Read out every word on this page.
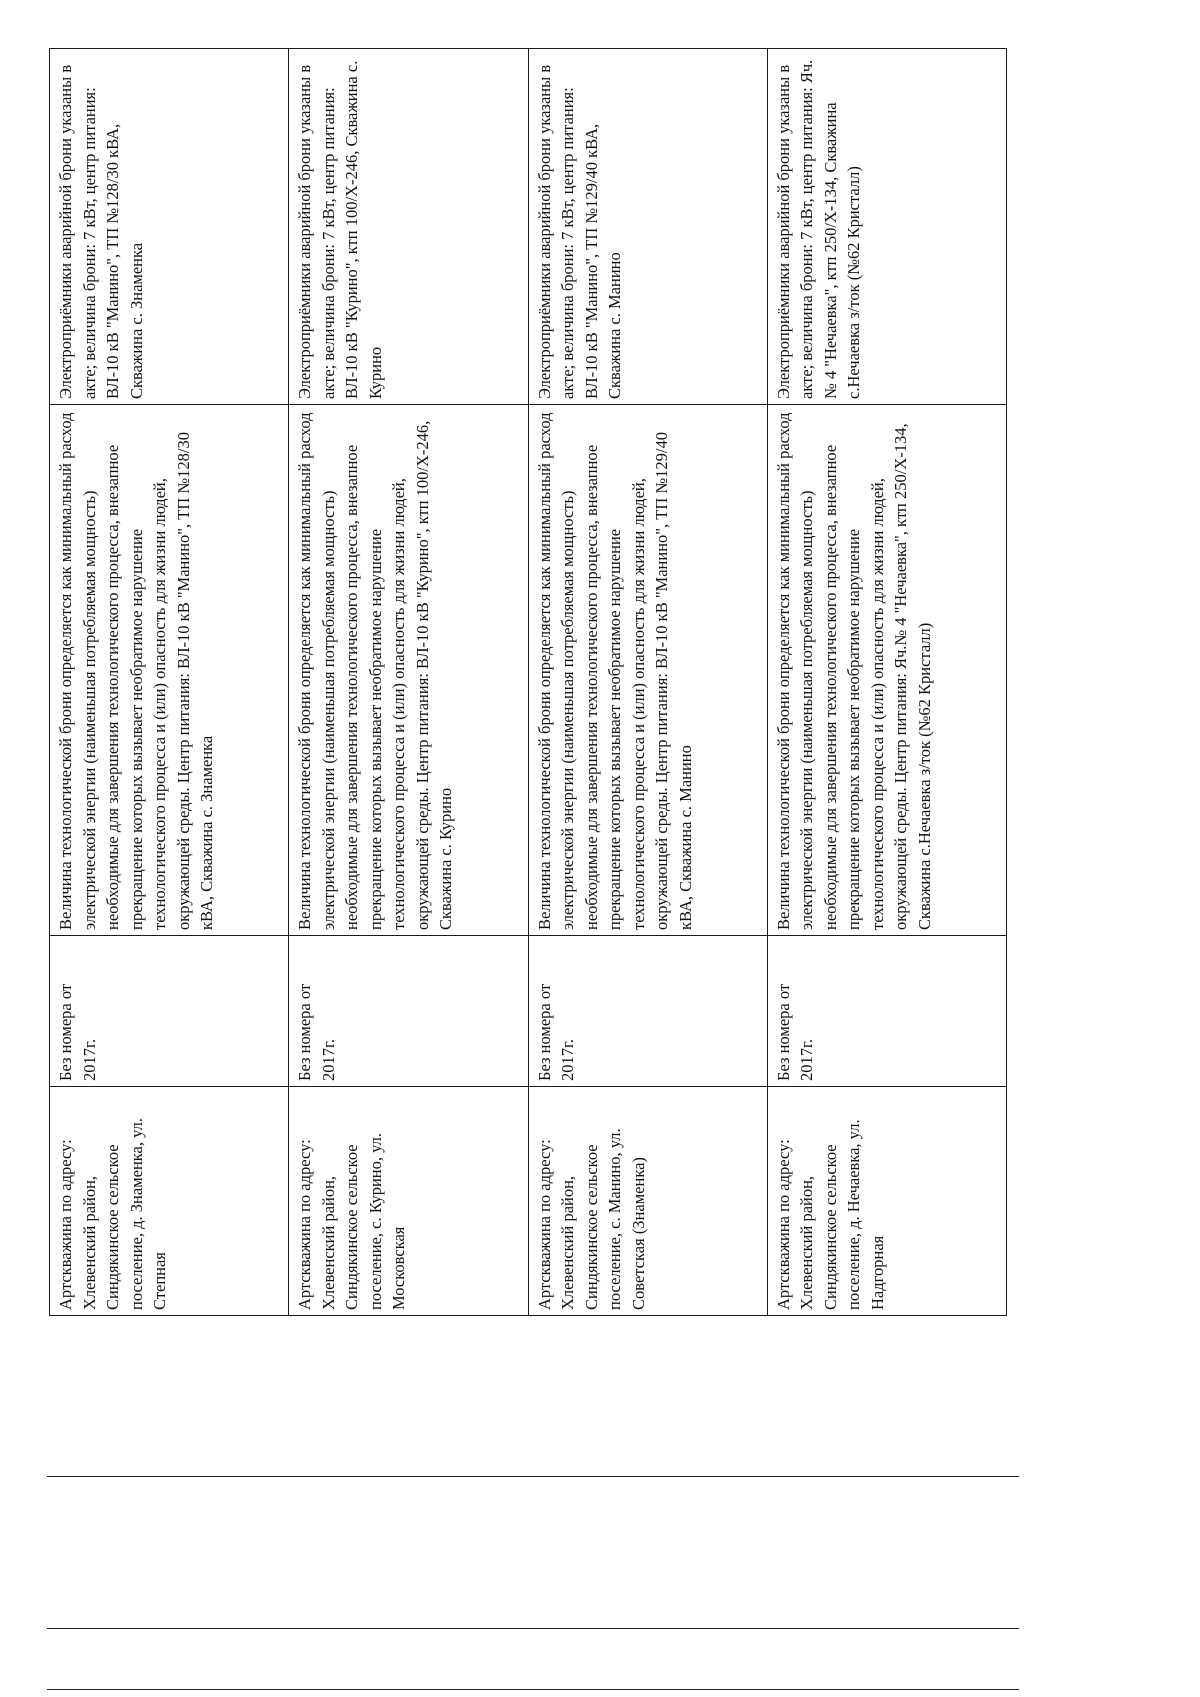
Артскважина по адресу: Хлевенский район, Синдякинское сельское поселение, д. Знаменка, ул. Степная	Без номера от 2017г.	Величина технологической брони определяется как минимальный расход электрической энергии (наименьшая потребляемая мощность) необходимые для завершения технологического процесса, внезапное прекращение которых вызывает необратимое нарушение технологического процесса и (или) опасность для жизни людей, окружающей среды. Центр питания: ВЛ-10 кВ "Манино", ТП №128/30 кВА, Скважина с. Знаменка	Электроприёмники аварийной брони указаны в акте; величина брони: 7 кВт, центр питания: ВЛ-10 кВ "Манино", ТП №128/30 кВА, Скважина с. Знаменка
Артскважина по адресу: Хлевенский район, Синдякинское сельское поселение, с. Курино, ул. Московская	Без номера от 2017г.	Величина технологической брони определяется как минимальный расход электрической энергии (наименьшая потребляемая мощность) необходимые для завершения технологического процесса, внезапное прекращение которых вызывает необратимое нарушение технологического процесса и (или) опасность для жизни людей, окружающей среды. Центр питания: ВЛ-10 кВ "Курино", ктп 100/Х-246, Скважина с. Курино	Электроприёмники аварийной брони указаны в акте; величина брони: 7 кВт, центр питания: ВЛ-10 кВ "Курино", ктп 100/Х-246, Скважина с. Курино
Артскважина по адресу: Хлевенский район, Синдякинское сельское поселение, с. Манино, ул. Советская (Знаменка)	Без номера от 2017г.	Величина технологической брони определяется как минимальный расход электрической энергии (наименьшая потребляемая мощность) необходимые для завершения технологического процесса, внезапное прекращение которых вызывает необратимое нарушение технологического процесса и (или) опасность для жизни людей, окружающей среды. Центр питания: ВЛ-10 кВ "Манино", ТП №129/40 кВА, Скважина с. Манино	Электроприёмники аварийной брони указаны в акте; величина брони: 7 кВт, центр питания: ВЛ-10 кВ "Манино", ТП №129/40 кВА, Скважина с. Манино
Артскважина по адресу: Хлевенский район, Синдякинское сельское поселение, д. Нечаевка, ул. Надгорная	Без номера от 2017г.	Величина технологической брони определяется как минимальный расход электрической энергии (наименьшая потребляемая мощность) необходимые для завершения технологического процесса, внезапное прекращение которых вызывает необратимое нарушение технологического процесса и (или) опасность для жизни людей, окружающей среды. Центр питания: Яч.№ 4 "Нечаевка", ктп 250/Х-134, Скважина с.Нечаевка з/ток (№62 Кристалл)	Электроприёмники аварийной брони указаны в акте; величина брони: 7 кВт, центр питания: Яч.№ 4 "Нечаевка", ктп 250/Х-134, Скважина с.Нечаевка з/ток (№62 Кристалл)
